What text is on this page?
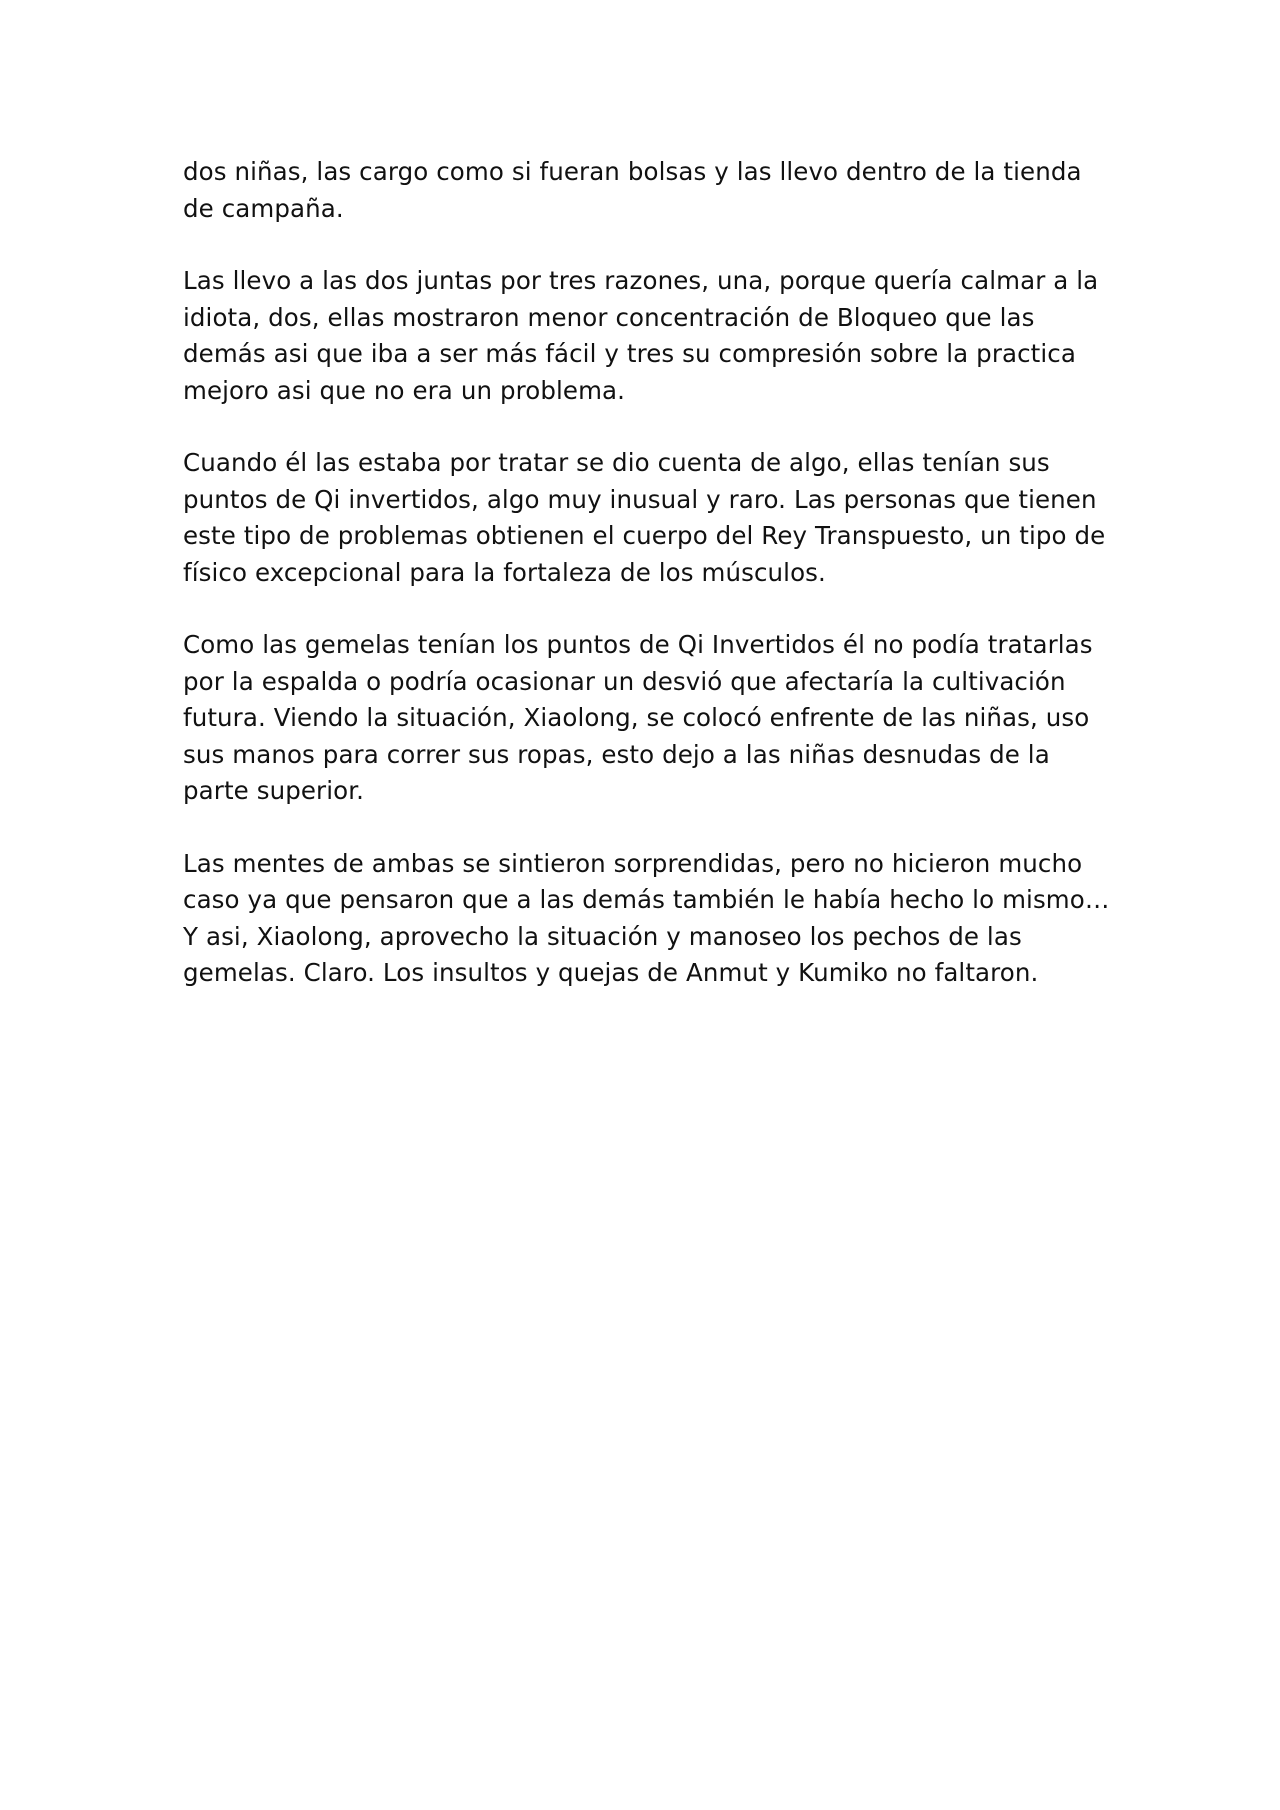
dos niñas, las cargo como si fueran bolsas y las llevo dentro de la tienda de campaña.

Las llevo a las dos juntas por tres razones, una, porque quería calmar a la idiota, dos, ellas mostraron menor concentración de Bloqueo que las demás asi que iba a ser más fácil y tres su compresión sobre la practica mejoro asi que no era un problema.

Cuando él las estaba por tratar se dio cuenta de algo, ellas tenían sus puntos de Qi invertidos, algo muy inusual y raro. Las personas que tienen este tipo de problemas obtienen el cuerpo del Rey Transpuesto, un tipo de físico excepcional para la fortaleza de los músculos.

Como las gemelas tenían los puntos de Qi Invertidos él no podía tratarlas por la espalda o podría ocasionar un desvió que afectaría la cultivación futura. Viendo la situación, Xiaolong, se colocó enfrente de las niñas, uso sus manos para correr sus ropas, esto dejo a las niñas desnudas de la parte superior.

Las mentes de ambas se sintieron sorprendidas, pero no hicieron mucho caso ya que pensaron que a las demás también le había hecho lo mismo… Y asi, Xiaolong, aprovecho la situación y manoseo los pechos de las gemelas. Claro. Los insultos y quejas de Anmut y Kumiko no faltaron.
